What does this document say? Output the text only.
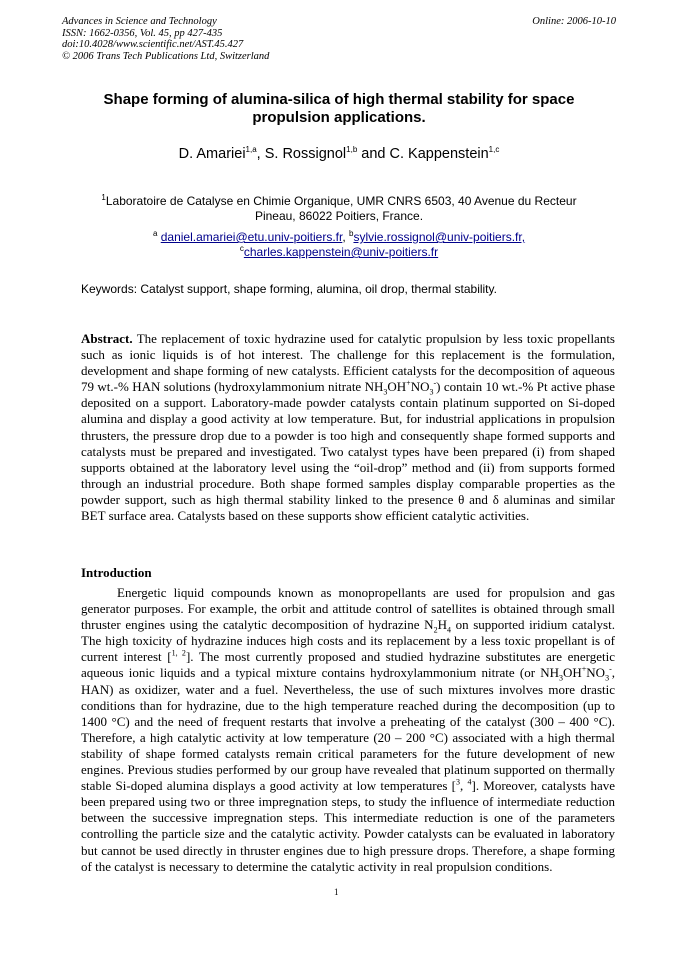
Advances in Science and Technology
ISSN: 1662-0356, Vol. 45, pp 427-435
doi:10.4028/www.scientific.net/AST.45.427
© 2006 Trans Tech Publications Ltd, Switzerland
Online: 2006-10-10
Shape forming of alumina-silica of high thermal stability for space
propulsion applications.
D. Amariei$^{1,a}$, S. Rossignol$^{1,b}$ and C. Kappenstein$^{1,c}$
$^1$Laboratoire de Catalyse en Chimie Organique, UMR CNRS 6503, 40 Avenue du Recteur Pineau, 86022 Poitiers, France.
$^a$ daniel.amariei@etu.univ-poitiers.fr, $^b$sylvie.rossignol@univ-poitiers.fr,
$^c$charles.kappenstein@univ-poitiers.fr
Keywords: Catalyst support, shape forming, alumina, oil drop, thermal stability.
Abstract. The replacement of toxic hydrazine used for catalytic propulsion by less toxic propellants such as ionic liquids is of hot interest. The challenge for this replacement is the formulation, development and shape forming of new catalysts. Efficient catalysts for the decomposition of aqueous 79 wt.-% HAN solutions (hydroxylammonium nitrate $NH_3OH^+NO_3^-$) contain 10 wt.-% Pt active phase deposited on a support. Laboratory-made powder catalysts contain platinum supported on Si-doped alumina and display a good activity at low temperature. But, for industrial applications in propulsion thrusters, the pressure drop due to a powder is too high and consequently shape formed supports and catalysts must be prepared and investigated. Two catalyst types have been prepared (i) from shaped supports obtained at the laboratory level using the “oil-drop” method and (ii) from supports formed through an industrial procedure. Both shape formed samples display comparable properties as the powder support, such as high thermal stability linked to the presence θ and δ aluminas and similar BET surface area. Catalysts based on these supports show efficient catalytic activities.
Introduction
Energetic liquid compounds known as monopropellants are used for propulsion and gas generator purposes. For example, the orbit and attitude control of satellites is obtained through small thruster engines using the catalytic decomposition of hydrazine $N_2H_4$ on supported iridium catalyst. The high toxicity of hydrazine induces high costs and its replacement by a less toxic propellant is of current interest [$^{1, 2}$]. The most currently proposed and studied hydrazine substitutes are energetic aqueous ionic liquids and a typical mixture contains hydroxylammonium nitrate (or $NH_3OH^+NO_3^-$, HAN) as oxidizer, water and a fuel. Nevertheless, the use of such mixtures involves more drastic conditions than for hydrazine, due to the high temperature reached during the decomposition (up to 1400 °C) and the need of frequent restarts that involve a preheating of the catalyst (300 – 400 °C). Therefore, a high catalytic activity at low temperature (20 – 200 °C) associated with a high thermal stability of shape formed catalysts remain critical parameters for the future development of new engines. Previous studies performed by our group have revealed that platinum supported on thermally stable Si-doped alumina displays a good activity at low temperatures [$^3$, $^4$]. Moreover, catalysts have been prepared using two or three impregnation steps, to study the influence of intermediate reduction between the successive impregnation steps. This intermediate reduction is one of the parameters controlling the particle size and the catalytic activity. Powder catalysts can be evaluated in laboratory but cannot be used directly in thruster engines due to high pressure drops. Therefore, a shape forming of the catalyst is necessary to determine the catalytic activity in real propulsion conditions.
1
